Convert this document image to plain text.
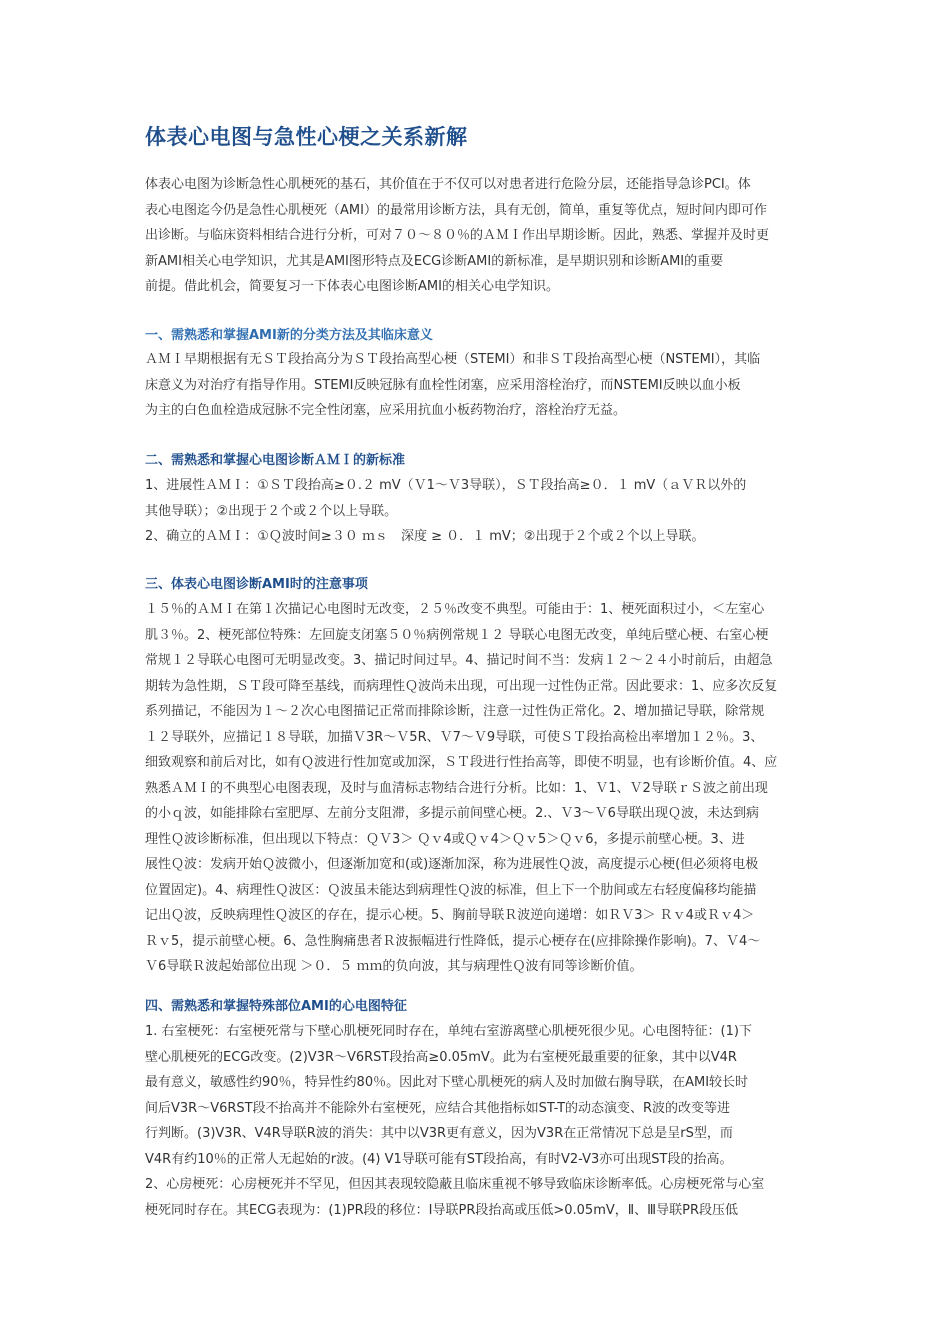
体表心电图与急性心梗之关系新解

体表心电图为诊断急性心肌梗死的基石，其价值在于不仅可以对患者进行危险分层，还能指导急诊PCI。体
表心电图迄今仍是急性心肌梗死（AMI）的最常用诊断方法，具有无创，简单，重复等优点，短时间内即可作
出诊断。与临床资料相结合进行分析，可对７０～８０％的ＡＭＩ作出早期诊断。因此，熟悉、掌握并及时更
新AMI相关心电学知识，尤其是AMI图形特点及ECG诊断AMI的新标准，是早期识别和诊断AMI的重要
前提。借此机会，简要复习一下体表心电图诊断AMI的相关心电学知识。

一、需熟悉和掌握AMI新的分类方法及其临床意义

ＡＭＩ早期根据有无ＳＴ段抬高分为ＳＴ段抬高型心梗（STEMI）和非ＳＴ段抬高型心梗（NSTEMI），其临
床意义为对治疗有指导作用。STEMI反映冠脉有血栓性闭塞，应采用溶栓治疗，而NSTEMI反映以血小板
为主的白色血栓造成冠脉不完全性闭塞，应采用抗血小板药物治疗，溶栓治疗无益。

二、需熟悉和掌握心电图诊断ＡＭＩ的新标准

1、进展性ＡＭＩ：①ＳＴ段抬高≥０.２ mV（Ｖ1～Ｖ3导联），ＳＴ段抬高≥０．１ mV（ａＶＲ以外的
其他导联）；②出现于２个或２个以上导联。
2、确立的ＡＭＩ：①Ｑ波时间≥３０ ｍｓ　深度 ≥ ０．１ mV；②出现于２个或２个以上导联。

三、体表心电图诊断AMI时的注意事项

１５％的ＡＭＩ在第１次描记心电图时无改变，２５％改变不典型。可能由于：1、梗死面积过小，＜左室心
肌３％。2、梗死部位特殊：左回旋支闭塞５０％病例常规１２ 导联心电图无改变，单纯后壁心梗、右室心梗
常规１２导联心电图可无明显改变。3、描记时间过早。4、描记时间不当：发病１２～２４小时前后，由超急
期转为急性期，ＳＴ段可降至基线，而病理性Ｑ波尚未出现，可出现一过性伪正常。因此要求：1、应多次反复
系列描记，不能因为１～２次心电图描记正常而排除诊断，注意一过性伪正常化。2、增加描记导联，除常规
１２导联外，应描记１８导联，加描Ｖ3R～Ｖ5R、Ｖ7～Ｖ9导联，可使ＳＴ段抬高检出率增加１２％。3、
细致观察和前后对比，如有Ｑ波进行性加宽或加深，ＳＴ段进行性抬高等，即使不明显，也有诊断价值。4、应
熟悉ＡＭＩ的不典型心电图表现，及时与血清标志物结合进行分析。比如：1、Ｖ1、Ｖ2导联ｒＳ波之前出现
的小ｑ波，如能排除右室肥厚、左前分支阻滞，多提示前间壁心梗。2.、Ｖ3～Ｖ6导联出现Ｑ波，未达到病
理性Ｑ波诊断标准，但出现以下特点：ＱＶ3＞ Ｑｖ4或Ｑｖ4＞Ｑｖ5＞Ｑｖ6，多提示前壁心梗。3、进
展性Ｑ波：发病开始Ｑ波微小，但逐渐加宽和(或)逐渐加深，称为进展性Ｑ波，高度提示心梗(但必须将电极
位置固定)。4、病理性Ｑ波区：Ｑ波虽未能达到病理性Ｑ波的标准，但上下一个肋间或左右轻度偏移均能描
记出Ｑ波，反映病理性Ｑ波区的存在，提示心梗。5、胸前导联Ｒ波逆向递增：如ＲＶ3＞ Ｒｖ4或Ｒｖ4＞
Ｒｖ5，提示前壁心梗。6、急性胸痛患者Ｒ波振幅进行性降低，提示心梗存在(应排除操作影响)。7、Ｖ4～
Ｖ6导联Ｒ波起始部位出现 ＞０．５ ｍｍ的负向波，其与病理性Ｑ波有同等诊断价值。

四、需熟悉和掌握特殊部位AMI的心电图特征

1. 右室梗死：右室梗死常与下壁心肌梗死同时存在，单纯右室游离壁心肌梗死很少见。心电图特征：(1)下
壁心肌梗死的ECG改变。(2)V3R～V6RST段抬高≥0.05mV。此为右室梗死最重要的征象，其中以V4R
最有意义，敏感性约90％，特异性约80％。因此对下壁心肌梗死的病人及时加做右胸导联，在AMI较长时
间后V3R～V6RST段不抬高并不能除外右室梗死，应结合其他指标如ST-T的动态演变、R波的改变等进
行判断。(3)V3R、V4R导联R波的消失：其中以V3R更有意义，因为V3R在正常情况下总是呈rS型，而
V4R有约10％的正常人无起始的r波。(4) V1导联可能有ST段抬高，有时V2-V3亦可出现ST段的抬高。
2、心房梗死：心房梗死并不罕见，但因其表现较隐蔽且临床重视不够导致临床诊断率低。心房梗死常与心室
梗死同时存在。其ECG表现为：(1)PR段的移位：Ⅰ导联PR段抬高或压低>0.05mV，Ⅱ、Ⅲ导联PR段压低
